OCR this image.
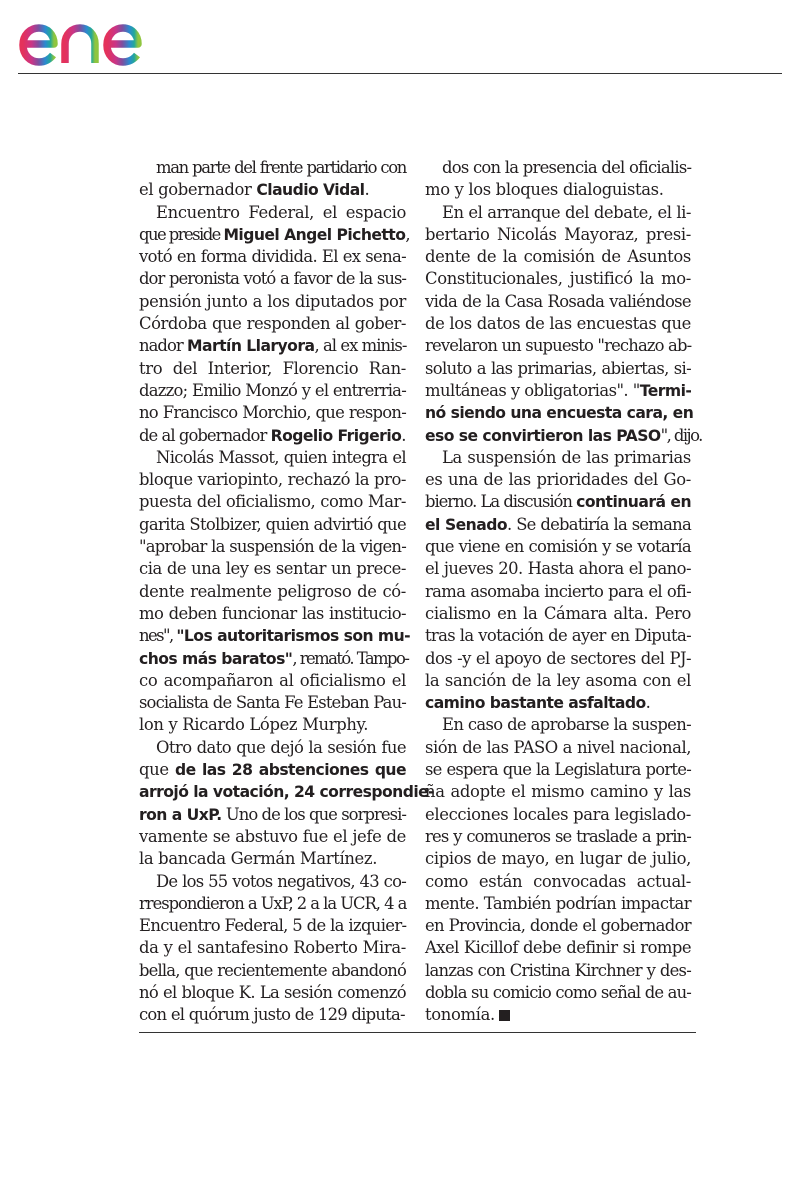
man parte del frente partidario con
el gobernador Claudio Vidal.
Encuentro Federal, el espacio
que preside Miguel Angel Pichetto,
votó en forma dividida. El ex sena-
dor peronista votó a favor de la sus-
pensión junto a los diputados por
Córdoba que responden al gober-
nador Martín Llaryora, al ex minis-
tro del Interior, Florencio Ran-
dazzo; Emilio Monzó y el entrerria-
no Francisco Morchio, que respon-
de al gobernador Rogelio Frigerio.
Nicolás Massot, quien integra el
bloque variopinto, rechazó la pro-
puesta del oficialismo, como Mar-
garita Stolbizer, quien advirtió que
"aprobar la suspensión de la vigen-
cia de una ley es sentar un prece-
dente realmente peligroso de có-
mo deben funcionar las institucio-
nes", "Los autoritarismos son mu-
chos más baratos", remató. Tampo-
co acompañaron al oficialismo el
socialista de Santa Fe Esteban Pau-
lon y Ricardo López Murphy.
Otro dato que dejó la sesión fue
que de las 28 abstenciones que
arrojó la votación, 24 correspondie-
ron a UxP. Uno de los que sorpresi-
vamente se abstuvo fue el jefe de
la bancada Germán Martínez.
De los 55 votos negativos, 43 co-
rrespondieron a UxP, 2 a la UCR, 4 a
Encuentro Federal, 5 de la izquier-
da y el santafesino Roberto Mira-
bella, que recientemente abandonó
nó el bloque K. La sesión comenzó
con el quórum justo de 129 diputa-
dos con la presencia del oficialis-
mo y los bloques dialoguistas.
En el arranque del debate, el li-
bertario Nicolás Mayoraz, presi-
dente de la comisión de Asuntos
Constitucionales, justificó la mo-
vida de la Casa Rosada valiéndose
de los datos de las encuestas que
revelaron un supuesto "rechazo ab-
soluto a las primarias, abiertas, si-
multáneas y obligatorias". "Termi-
nó siendo una encuesta cara, en
eso se convirtieron las PASO", dijo.
La suspensión de las primarias
es una de las prioridades del Go-
bierno. La discusión continuará en
el Senado. Se debatiría la semana
que viene en comisión y se votaría
el jueves 20. Hasta ahora el pano-
rama asomaba incierto para el ofi-
cialismo en la Cámara alta. Pero
tras la votación de ayer en Diputa-
dos -y el apoyo de sectores del PJ-
la sanción de la ley asoma con el
camino bastante asfaltado.
En caso de aprobarse la suspen-
sión de las PASO a nivel nacional,
se espera que la Legislatura porte-
ña adopte el mismo camino y las
elecciones locales para legislado-
res y comuneros se traslade a prin-
cipios de mayo, en lugar de julio,
como están convocadas actual-
mente. También podrían impactar
en Provincia, donde el gobernador
Axel Kicillof debe definir si rompe
lanzas con Cristina Kirchner y des-
dobla su comicio como señal de au-
tonomía.
